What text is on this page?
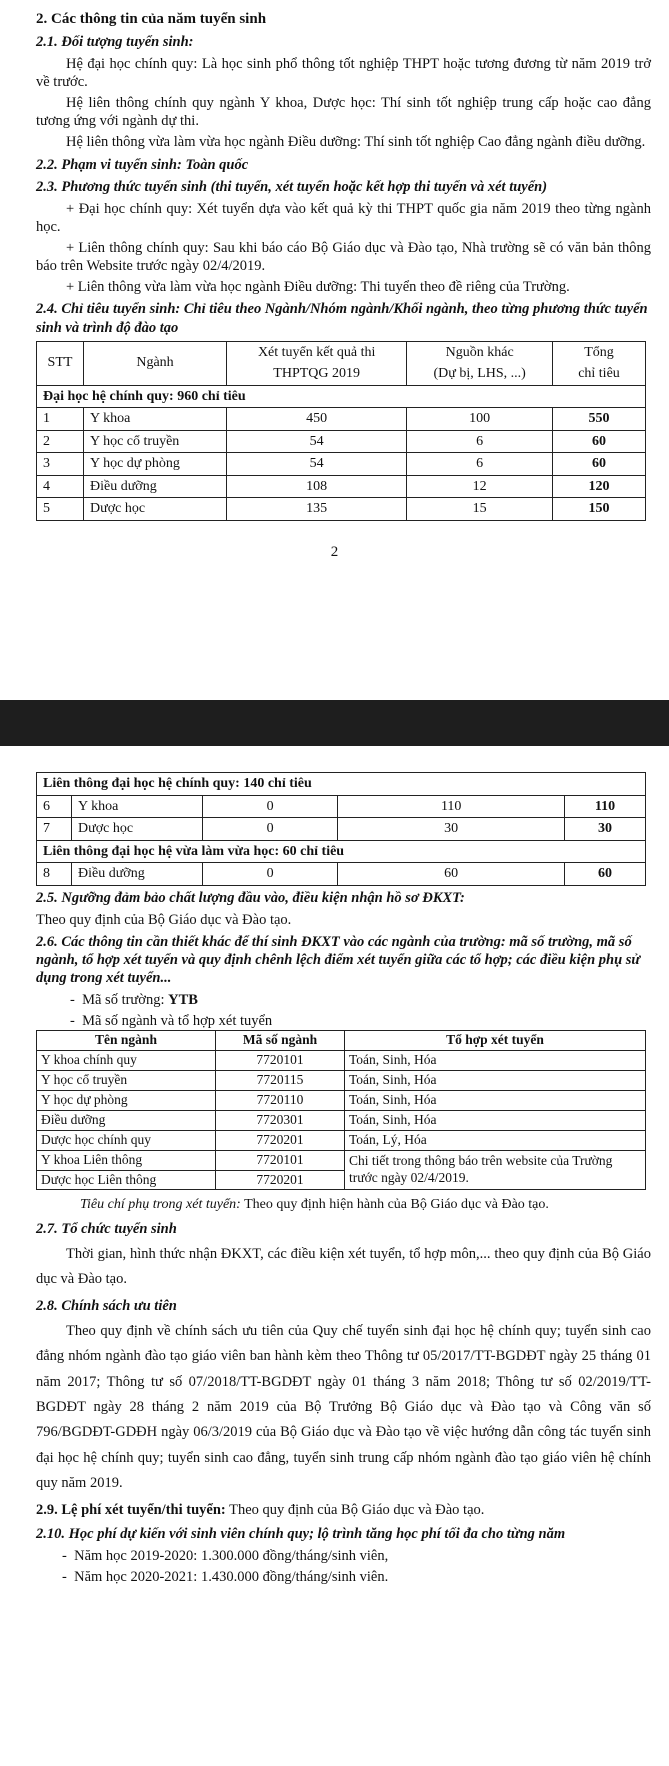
2. Các thông tin của năm tuyển sinh
2.1. Đối tượng tuyển sinh:
Hệ đại học chính quy: Là học sinh phổ thông tốt nghiệp THPT hoặc tương đương từ năm 2019 trở về trước.
Hệ liên thông chính quy ngành Y khoa, Dược học: Thí sinh tốt nghiệp trung cấp hoặc cao đẳng tương ứng với ngành dự thi.
Hệ liên thông vừa làm vừa học ngành Điều dưỡng: Thí sinh tốt nghiệp Cao đẳng ngành điều dưỡng.
2.2. Phạm vi tuyển sinh: Toàn quốc
2.3. Phương thức tuyển sinh (thi tuyển, xét tuyển hoặc kết hợp thi tuyển và xét tuyển)
+ Đại học chính quy: Xét tuyển dựa vào kết quả kỳ thi THPT quốc gia năm 2019 theo từng ngành học.
+ Liên thông chính quy: Sau khi báo cáo Bộ Giáo dục và Đào tạo, Nhà trường sẽ có văn bản thông báo trên Website trước ngày 02/4/2019.
+ Liên thông vừa làm vừa học ngành Điều dưỡng: Thi tuyển theo đề riêng của Trường.
2.4. Chỉ tiêu tuyển sinh: Chỉ tiêu theo Ngành/Nhóm ngành/Khối ngành, theo từng phương thức tuyển sinh và trình độ đào tạo
STT	Ngành	Xét tuyển kết quả thi	Nguồn khác	Tổng
		THPTQG 2019	(Dự bị, LHS, ...)	chỉ tiêu
Đại học hệ chính quy: 960 chỉ tiêu				
1	Y khoa	450	100	550
2	Y học cổ truyền	54	6	60
3	Y học dự phòng	54	6	60
4	Điều dưỡng	108	12	120
5	Dược học	135	15	150
2
Liên thông đại học hệ chính quy: 140 chỉ tiêu				
6	Y khoa	0	110	110
7	Dược học	0	30	30
Liên thông đại học hệ vừa làm vừa học: 60 chỉ tiêu				
8	Điều dưỡng	0	60	60
2.5. Ngưỡng đảm bảo chất lượng đầu vào, điều kiện nhận hồ sơ ĐKXT:
Theo quy định của Bộ Giáo dục và Đào tạo.
2.6. Các thông tin cần thiết khác để thí sinh ĐKXT vào các ngành của trường: mã số trường, mã số ngành, tổ hợp xét tuyển và quy định chênh lệch điểm xét tuyển giữa các tổ hợp; các điều kiện phụ sử dụng trong xét tuyển...
-  Mã số trường: YTB
-  Mã số ngành và tổ hợp xét tuyển
Tên ngành	Mã số ngành	Tổ hợp xét tuyển
Y khoa chính quy	7720101	Toán, Sinh, Hóa
Y học cổ truyền	7720115	Toán, Sinh, Hóa
Y học dự phòng	7720110	Toán, Sinh, Hóa
Điều dưỡng	7720301	Toán, Sinh, Hóa
Dược học chính quy	7720201	Toán, Lý, Hóa
Y khoa Liên thông	7720101	Chi tiết trong thông báo trên website của Trường trước ngày 02/4/2019.
Dược học Liên thông	7720201	
Tiêu chí phụ trong xét tuyển: Theo quy định hiện hành của Bộ Giáo dục và Đào tạo.
2.7. Tổ chức tuyển sinh
Thời gian, hình thức nhận ĐKXT, các điều kiện xét tuyển, tổ hợp môn,... theo quy định của Bộ Giáo dục và Đào tạo.
2.8. Chính sách ưu tiên
Theo quy định về chính sách ưu tiên của Quy chế tuyển sinh đại học hệ chính quy; tuyển sinh cao đẳng nhóm ngành đào tạo giáo viên ban hành kèm theo Thông tư 05/2017/TT-BGDĐT ngày 25 tháng 01 năm 2017; Thông tư số 07/2018/TT-BGDĐT ngày 01 tháng 3 năm 2018; Thông tư số 02/2019/TT-BGDĐT ngày 28 tháng 2 năm 2019 của Bộ Trưởng Bộ Giáo dục và Đào tạo và Công văn số 796/BGDĐT-GDĐH ngày 06/3/2019 của Bộ Giáo dục và Đào tạo về việc hướng dẫn công tác tuyển sinh đại học hệ chính quy; tuyển sinh cao đẳng, tuyển sinh trung cấp nhóm ngành đào tạo giáo viên hệ chính quy năm 2019.
2.9. Lệ phí xét tuyển/thi tuyển: Theo quy định của Bộ Giáo dục và Đào tạo.
2.10. Học phí dự kiến với sinh viên chính quy; lộ trình tăng học phí tối đa cho từng năm
-  Năm học 2019-2020: 1.300.000 đồng/tháng/sinh viên,
-  Năm học 2020-2021: 1.430.000 đồng/tháng/sinh viên.
